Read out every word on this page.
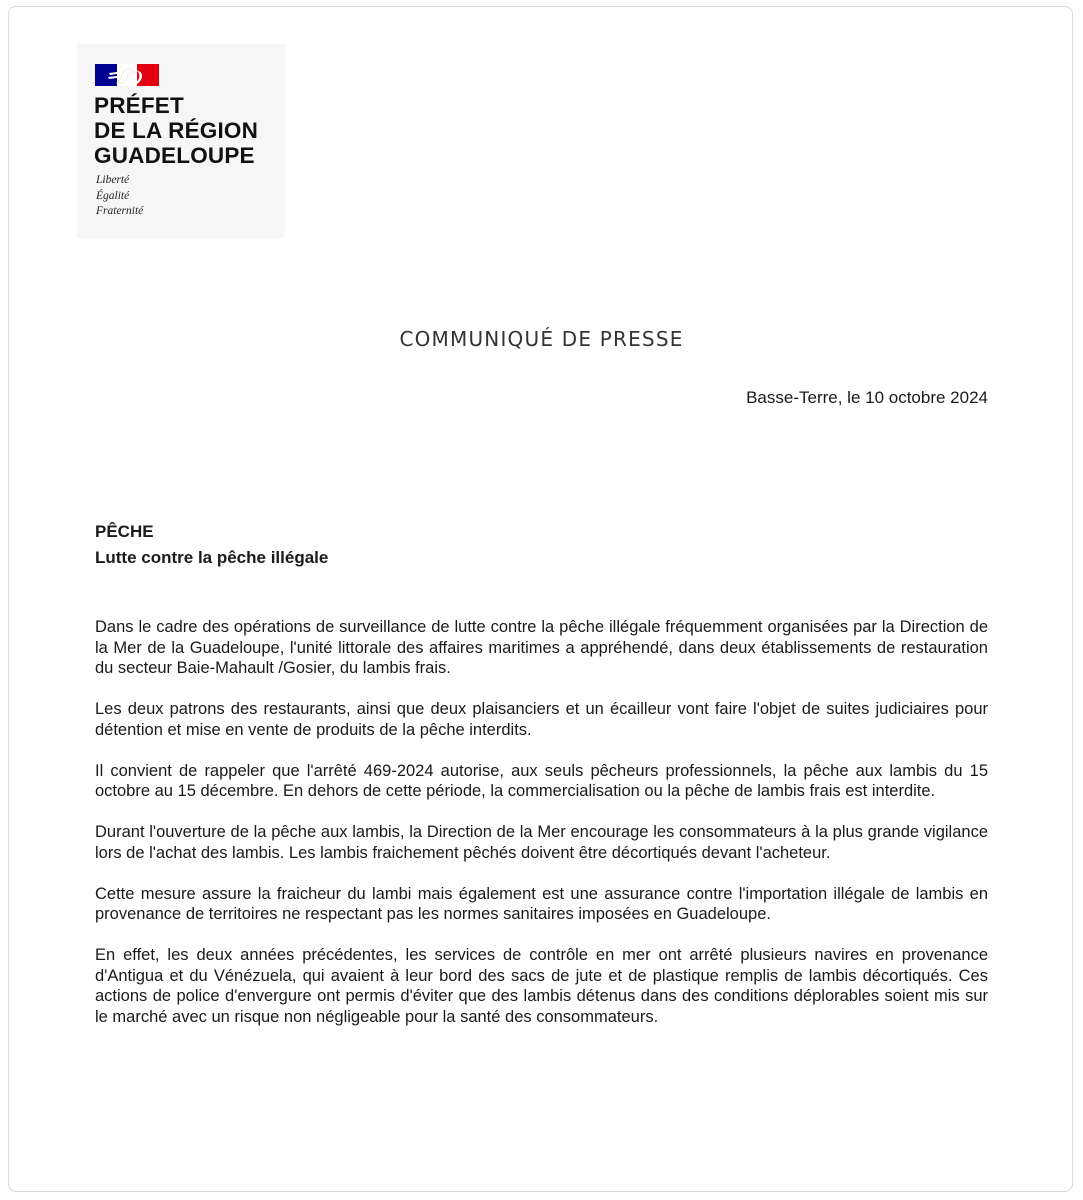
PRÉFET
DE LA RÉGION
GUADELOUPE
Liberté
Égalité
Fraternité
COMMUNIQUÉ DE PRESSE
Basse-Terre, le 10 octobre 2024
PÊCHE
Lutte contre la pêche illégale

Dans le cadre des opérations de surveillance de lutte contre la pêche illégale fréquemment organisées par la Direction de la Mer de la Guadeloupe, l'unité littorale des affaires maritimes a appréhendé, dans deux établissements de restauration du secteur Baie-Mahault /Gosier, du lambis frais.

Les deux patrons des restaurants, ainsi que deux plaisanciers et un écailleur vont faire l'objet de suites judiciaires pour détention et mise en vente de produits de la pêche interdits.

Il convient de rappeler que l'arrêté 469-2024 autorise, aux seuls pêcheurs professionnels, la pêche aux lambis du 15 octobre au 15 décembre. En dehors de cette période, la commercialisation ou la pêche de lambis frais est interdite.

Durant l'ouverture de la pêche aux lambis, la Direction de la Mer encourage les consommateurs à la plus grande vigilance lors de l'achat des lambis. Les lambis fraichement pêchés doivent être décortiqués devant l'acheteur.

Cette mesure assure la fraicheur du lambi mais également est une assurance contre l'importation illégale de lambis en provenance de territoires ne respectant pas les normes sanitaires imposées en Guadeloupe.

En effet, les deux années précédentes, les services de contrôle en mer ont arrêté plusieurs navires en provenance d'Antigua et du Vénézuela, qui avaient à leur bord des sacs de jute et de plastique remplis de lambis décortiqués. Ces actions de police d'envergure ont permis d'éviter que des lambis détenus dans des conditions déplorables soient mis sur le marché avec un risque non négligeable pour la santé des consommateurs.
